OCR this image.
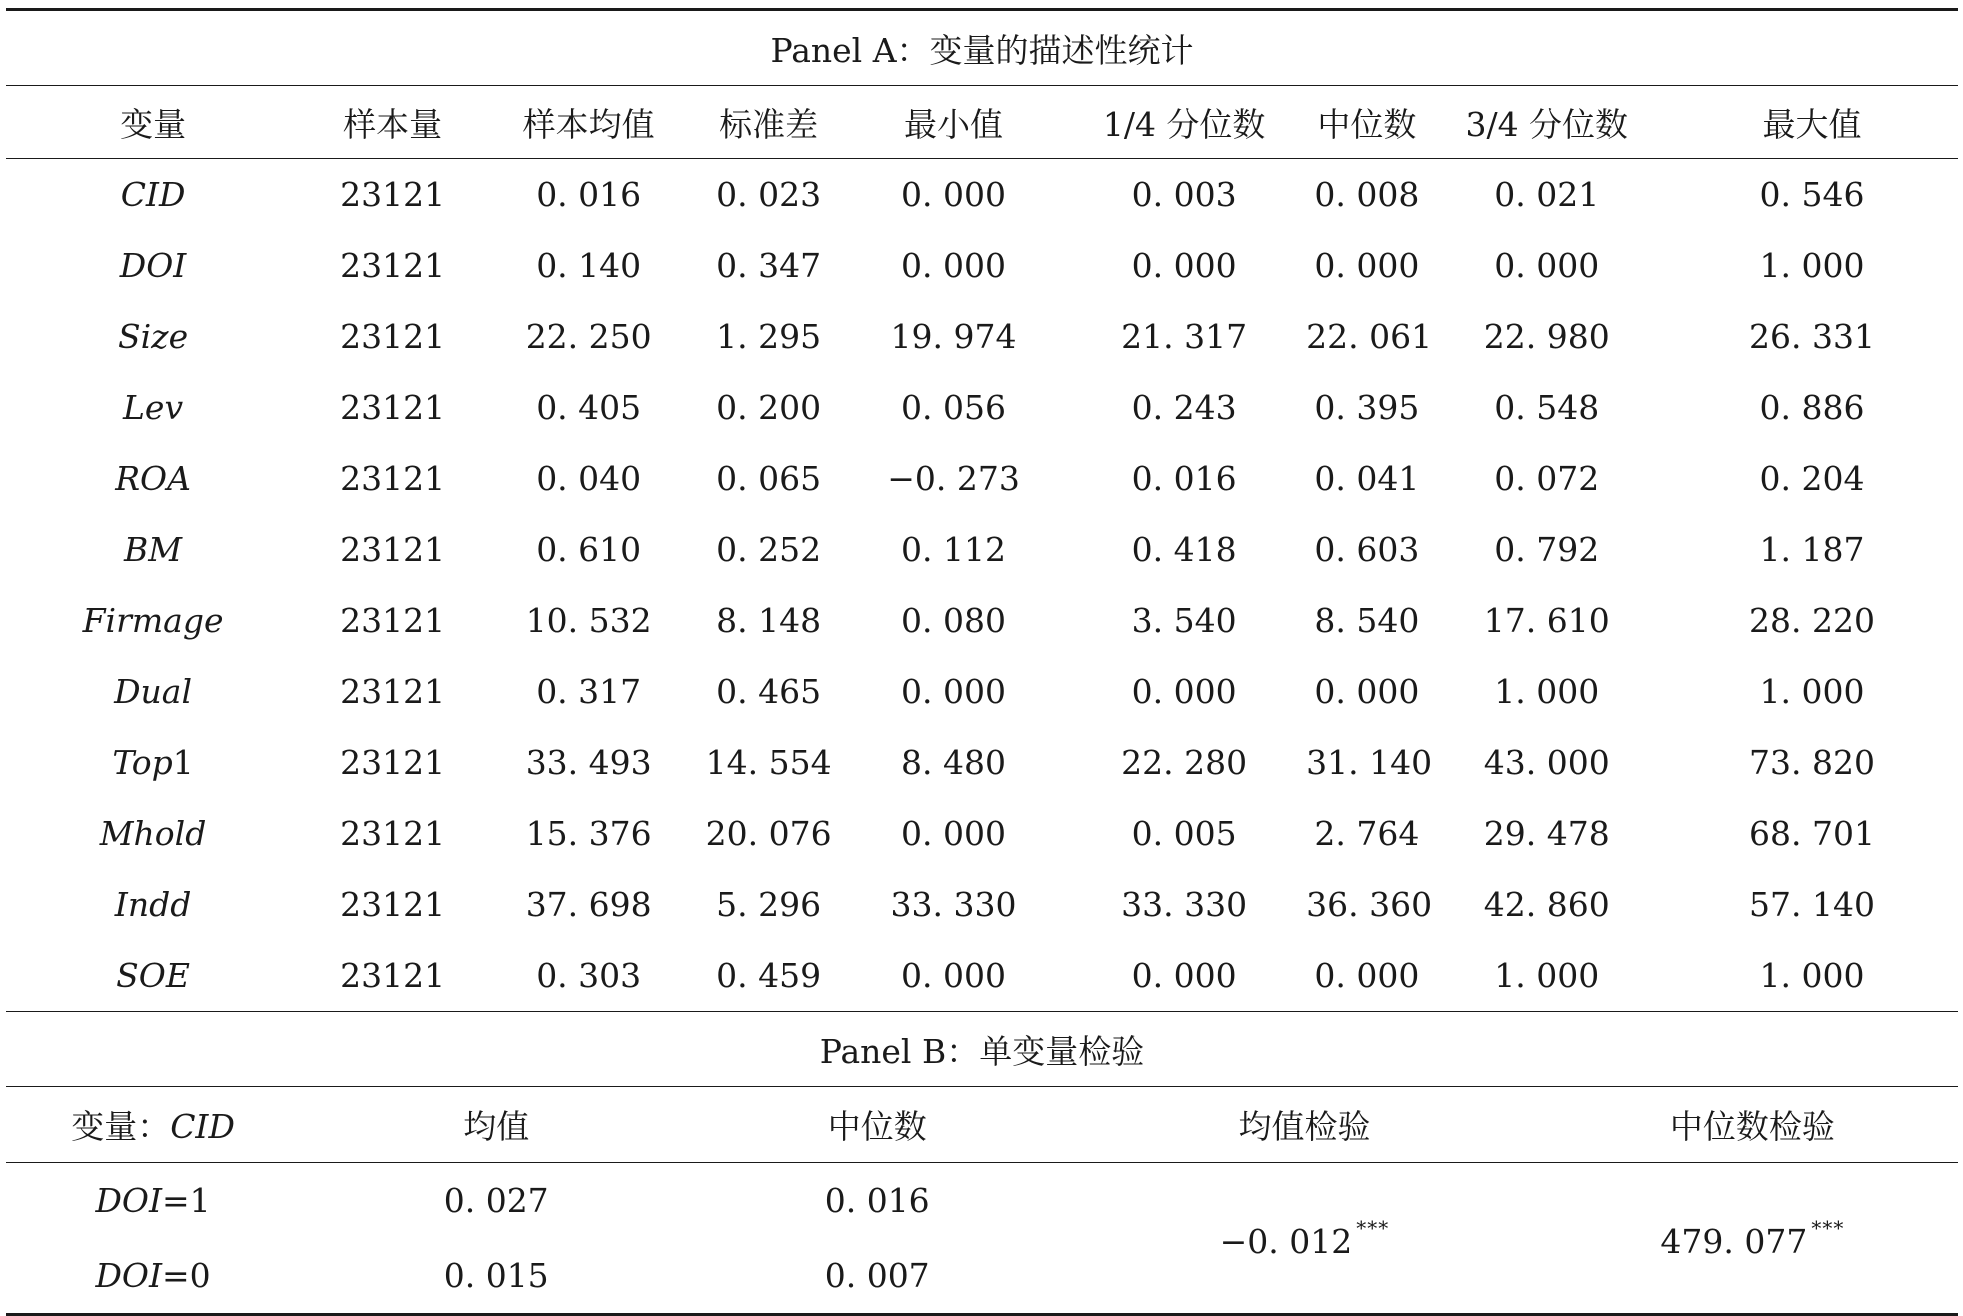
Panel A：变量的描述性统计									
变量	样本量	样本均值	标准差	最小值	1/4 分位数	中位数	3/4 分位数		最大值
CID	23121	0. 016	0. 023	0. 000	0. 003	0. 008	0. 021		0. 546
DOI	23121	0. 140	0. 347	0. 000	0. 000	0. 000	0. 000		1. 000
Size	23121	22. 250	1. 295	19. 974	21. 317	22. 061	22. 980		26. 331
Lev	23121	0. 405	0. 200	0. 056	0. 243	0. 395	0. 548		0. 886
ROA	23121	0. 040	0. 065	−0. 273	0. 016	0. 041	0. 072		0. 204
BM	23121	0. 610	0. 252	0. 112	0. 418	0. 603	0. 792		1. 187
Firmage	23121	10. 532	8. 148	0. 080	3. 540	8. 540	17. 610		28. 220
Dual	23121	0. 317	0. 465	0. 000	0. 000	0. 000	1. 000		1. 000
Top1	23121	33. 493	14. 554	8. 480	22. 280	31. 140	43. 000		73. 820
Mhold	23121	15. 376	20. 076	0. 000	0. 005	2. 764	29. 478		68. 701
Indd	23121	37. 698	5. 296	33. 330	33. 330	36. 360	42. 860		57. 140
SOE	23121	0. 303	0. 459	0. 000	0. 000	0. 000	1. 000		1. 000
Panel B：单变量检验									
变量：CID	均值		中位数		均值检验			中位数检验	
DOI=1	0. 027		0. 016		−0. 012 ***			479. 077 ***
DOI=0	0. 015		0. 007						
